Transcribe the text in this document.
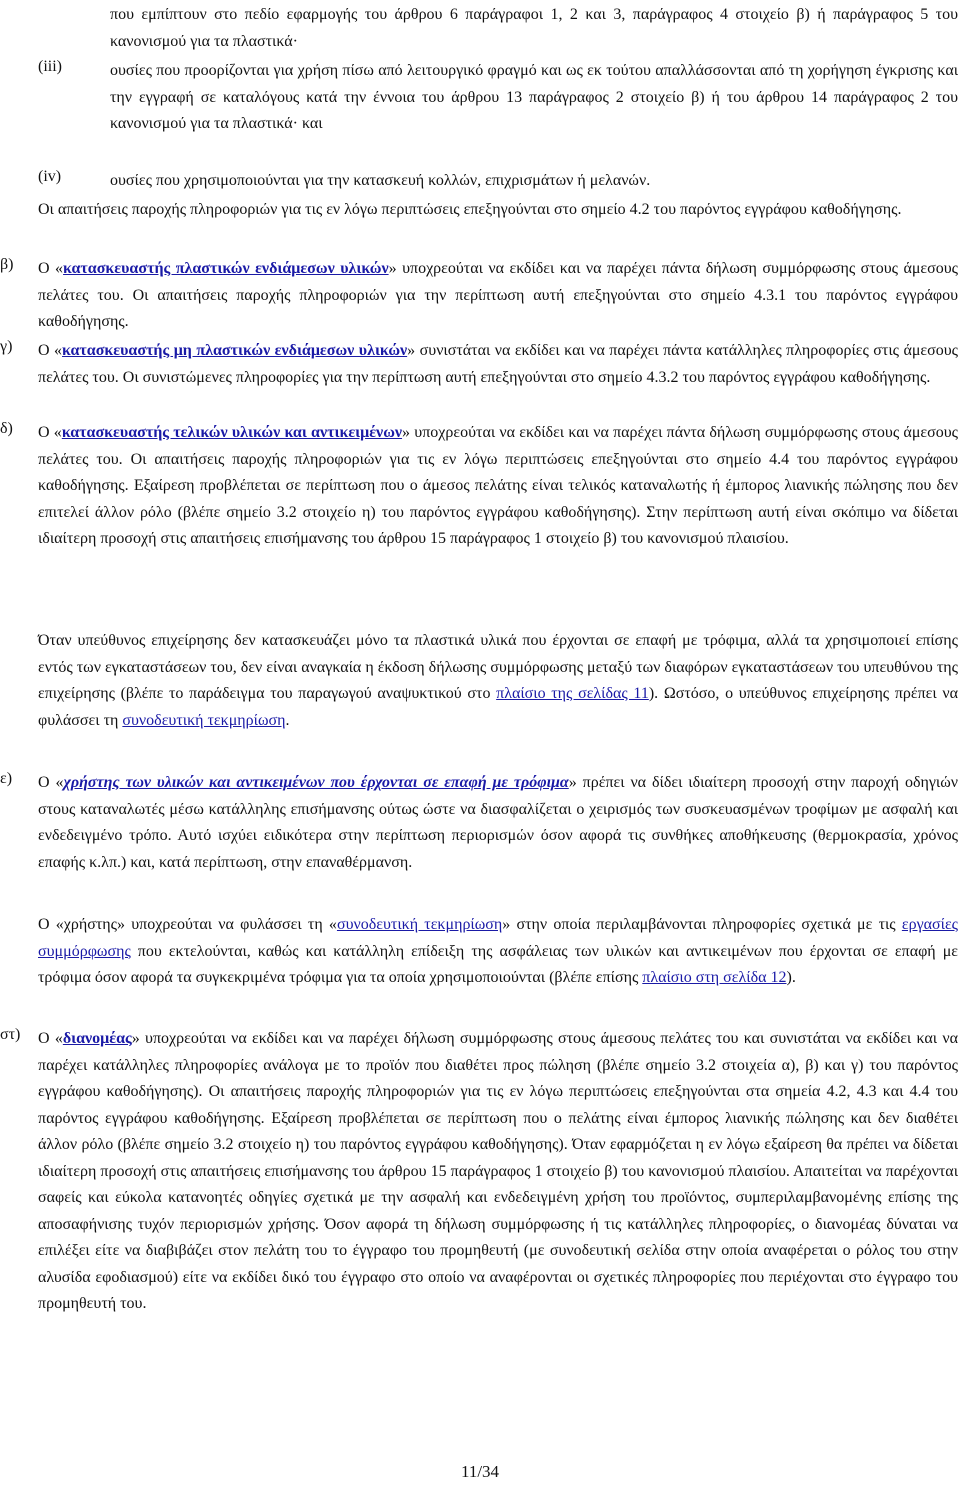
που εμπίπτουν στο πεδίο εφαρμογής του άρθρου 6 παράγραφοι 1, 2 και 3, παράγραφος 4 στοιχείο β) ή παράγραφος 5 του κανονισμού για τα πλαστικά·
(iii)	ουσίες που προορίζονται για χρήση πίσω από λειτουργικό φραγμό και ως εκ τούτου απαλλάσσονται από τη χορήγηση έγκρισης και την εγγραφή σε καταλόγους κατά την έννοια του άρθρου 13 παράγραφος 2 στοιχείο β) ή του άρθρου 14 παράγραφος 2 του κανονισμού για τα πλαστικά· και
(iv)	ουσίες που χρησιμοποιούνται για την κατασκευή κολλών, επιχρισμάτων ή μελανών.
Οι απαιτήσεις παροχής πληροφοριών για τις εν λόγω περιπτώσεις επεξηγούνται στο σημείο 4.2 του παρόντος εγγράφου καθοδήγησης.
β) Ο «κατασκευαστής πλαστικών ενδιάμεσων υλικών» υποχρεούται να εκδίδει και να παρέχει πάντα δήλωση συμμόρφωσης στους άμεσους πελάτες του. Οι απαιτήσεις παροχής πληροφοριών για την περίπτωση αυτή επεξηγούνται στο σημείο 4.3.1 του παρόντος εγγράφου καθοδήγησης.
γ) Ο «κατασκευαστής μη πλαστικών ενδιάμεσων υλικών» συνιστάται να εκδίδει και να παρέχει πάντα κατάλληλες πληροφορίες στις άμεσους πελάτες του. Οι συνιστώμενες πληροφορίες για την περίπτωση αυτή επεξηγούνται στο σημείο 4.3.2 του παρόντος εγγράφου καθοδήγησης.
δ) Ο «κατασκευαστής τελικών υλικών και αντικειμένων» υποχρεούται να εκδίδει και να παρέχει πάντα δήλωση συμμόρφωσης στους άμεσους πελάτες του. Οι απαιτήσεις παροχής πληροφοριών για τις εν λόγω περιπτώσεις επεξηγούνται στο σημείο 4.4 του παρόντος εγγράφου καθοδήγησης. Εξαίρεση προβλέπεται σε περίπτωση που ο άμεσος πελάτης είναι τελικός καταναλωτής ή έμπορος λιανικής πώλησης που δεν επιτελεί άλλον ρόλο (βλέπε σημείο 3.2 στοιχείο η) του παρόντος εγγράφου καθοδήγησης). Στην περίπτωση αυτή είναι σκόπιμο να δίδεται ιδιαίτερη προσοχή στις απαιτήσεις επισήμανσης του άρθρου 15 παράγραφος 1 στοιχείο β) του κανονισμού πλαισίου.
Όταν υπεύθυνος επιχείρησης δεν κατασκευάζει μόνο τα πλαστικά υλικά που έρχονται σε επαφή με τρόφιμα, αλλά τα χρησιμοποιεί επίσης εντός των εγκαταστάσεων του, δεν είναι αναγκαία η έκδοση δήλωσης συμμόρφωσης μεταξύ των διαφόρων εγκαταστάσεων του υπευθύνου της επιχείρησης (βλέπε το παράδειγμα του παραγωγού αναψυκτικού στο πλαίσιο της σελίδας 11). Ωστόσο, ο υπεύθυνος επιχείρησης πρέπει να φυλάσσει τη συνοδευτική τεκμηρίωση.
ε) Ο «χρήστης των υλικών και αντικειμένων που έρχονται σε επαφή με τρόφιμα» πρέπει να δίδει ιδιαίτερη προσοχή στην παροχή οδηγιών στους καταναλωτές μέσω κατάλληλης επισήμανσης ούτως ώστε να διασφαλίζεται ο χειρισμός των συσκευασμένων τροφίμων με ασφαλή και ενδεδειγμένο τρόπο. Αυτό ισχύει ειδικότερα στην περίπτωση περιορισμών όσον αφορά τις συνθήκες αποθήκευσης (θερμοκρασία, χρόνος επαφής κ.λπ.) και, κατά περίπτωση, στην επαναθέρμανση.
Ο «χρήστης» υποχρεούται να φυλάσσει τη «συνοδευτική τεκμηρίωση» στην οποία περιλαμβάνονται πληροφορίες σχετικά με τις εργασίες συμμόρφωσης που εκτελούνται, καθώς και κατάλληλη επίδειξη της ασφάλειας των υλικών και αντικειμένων που έρχονται σε επαφή με τρόφιμα όσον αφορά τα συγκεκριμένα τρόφιμα για τα οποία χρησιμοποιούνται (βλέπε επίσης πλαίσιο στη σελίδα 12).
στ) Ο «διανομέας» υποχρεούται να εκδίδει και να παρέχει δήλωση συμμόρφωσης στους άμεσους πελάτες του και συνιστάται να εκδίδει και να παρέχει κατάλληλες πληροφορίες ανάλογα με το προϊόν που διαθέτει προς πώληση (βλέπε σημείο 3.2 στοιχεία α), β) και γ) του παρόντος εγγράφου καθοδήγησης). Οι απαιτήσεις παροχής πληροφοριών για τις εν λόγω περιπτώσεις επεξηγούνται στα σημεία 4.2, 4.3 και 4.4 του παρόντος εγγράφου καθοδήγησης. Εξαίρεση προβλέπεται σε περίπτωση που ο πελάτης είναι έμπορος λιανικής πώλησης και δεν διαθέτει άλλον ρόλο (βλέπε σημείο 3.2 στοιχείο η) του παρόντος εγγράφου καθοδήγησης). Όταν εφαρμόζεται η εν λόγω εξαίρεση θα πρέπει να δίδεται ιδιαίτερη προσοχή στις απαιτήσεις επισήμανσης του άρθρου 15 παράγραφος 1 στοιχείο β) του κανονισμού πλαισίου. Απαιτείται να παρέχονται σαφείς και εύκολα κατανοητές οδηγίες σχετικά με την ασφαλή και ενδεδειγμένη χρήση του προϊόντος, συμπεριλαμβανομένης επίσης της αποσαφήνισης τυχόν περιορισμών χρήσης. Όσον αφορά τη δήλωση συμμόρφωσης ή τις κατάλληλες πληροφορίες, ο διανομέας δύναται να επιλέξει είτε να διαβιβάζει στον πελάτη του το έγγραφο του προμηθευτή (με συνοδευτική σελίδα στην οποία αναφέρεται ο ρόλος του στην αλυσίδα εφοδιασμού) είτε να εκδίδει δικό του έγγραφο στο οποίο να αναφέρονται οι σχετικές πληροφορίες που περιέχονται στο έγγραφο του προμηθευτή του.
11/34
